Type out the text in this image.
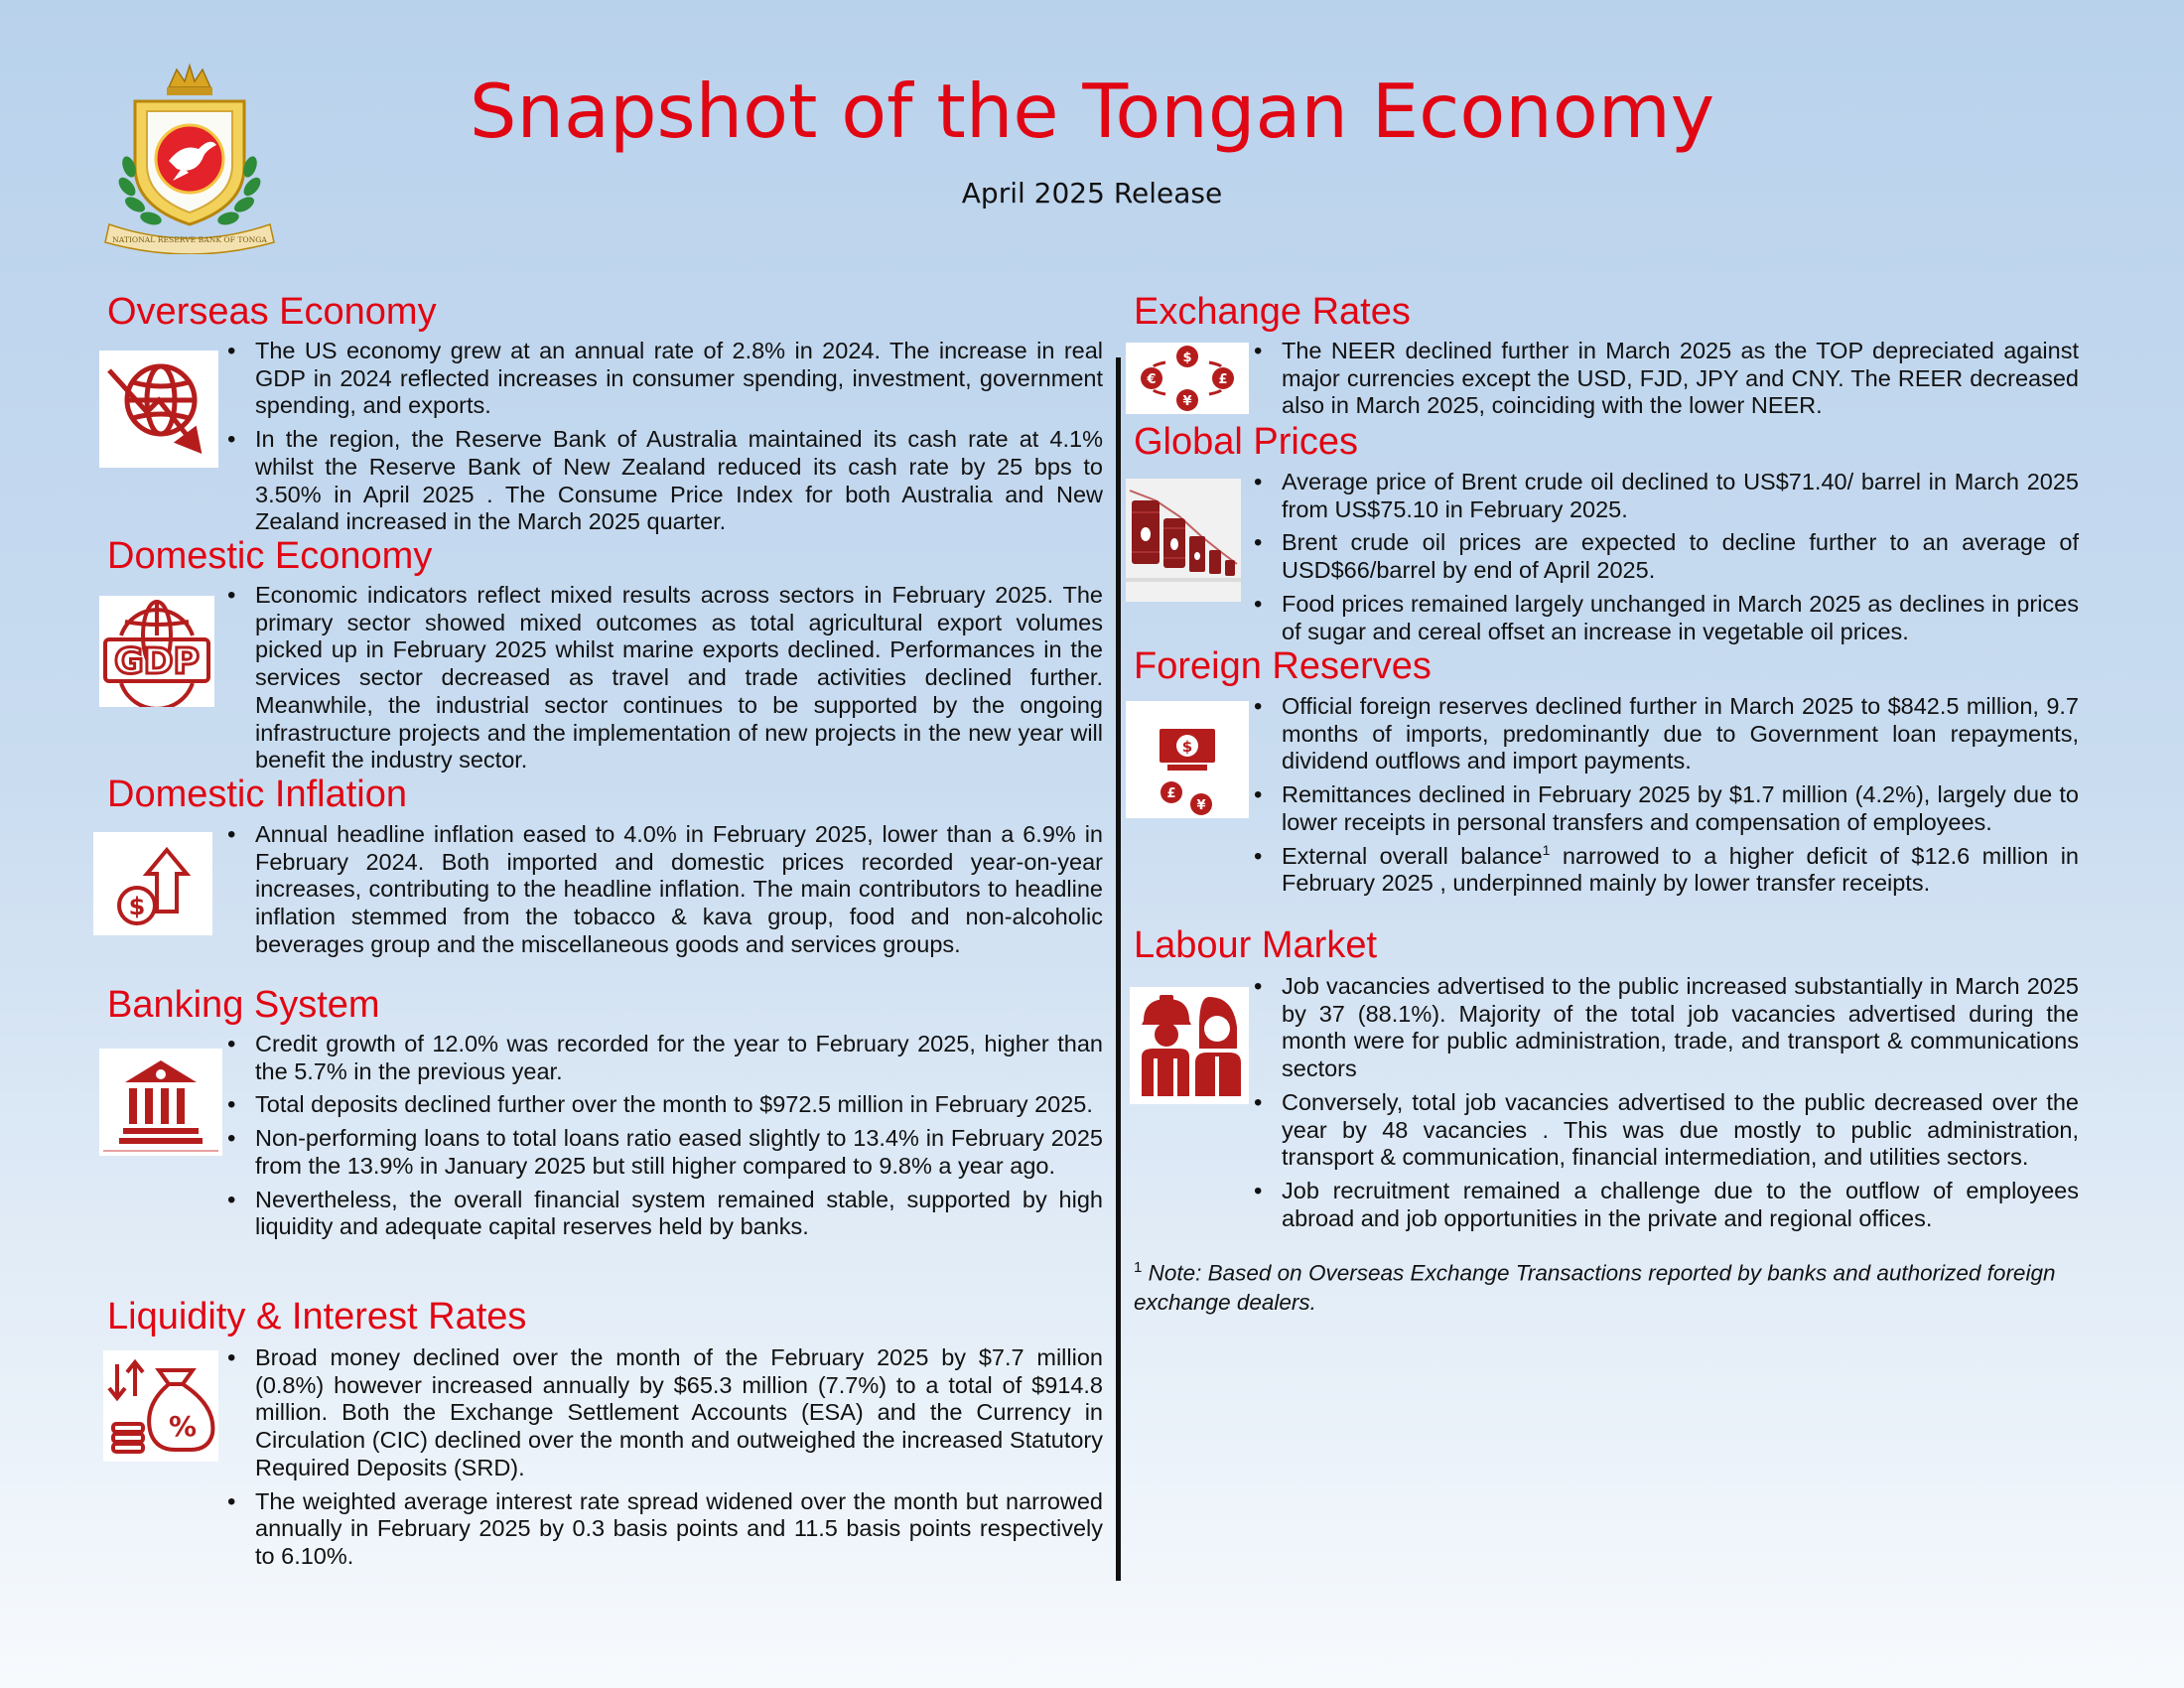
NATIONAL RESERVE BANK OF TONGA
Snapshot of the Tongan Economy
April 2025 Release
Overseas Economy
• The US economy grew at an annual rate of 2.8% in 2024. The increase in real GDP in 2024 reflected increases in consumer spending, investment, government spending, and exports.
• In the region, the Reserve Bank of Australia maintained its cash rate at 4.1% whilst the Reserve Bank of New Zealand reduced its cash rate by 25 bps to 3.50% in April 2025 . The Consume Price Index for both Australia and New Zealand increased in the March 2025 quarter.
Domestic Economy
GDP
• Economic indicators reflect mixed results across sectors in February 2025. The primary sector showed mixed outcomes as total agricultural export volumes picked up in February 2025 whilst marine exports declined. Performances in the services sector decreased as travel and trade activities declined further. Meanwhile, the industrial sector continues to be supported by the ongoing infrastructure projects and the implementation of new projects in the new year will benefit the industry sector.
Domestic Inflation
$
• Annual headline inflation eased to 4.0% in February 2025, lower than a 6.9% in February 2024. Both imported and domestic prices recorded year-on-year increases, contributing to the headline inflation. The main contributors to headline inflation stemmed from the tobacco & kava group, food and non-alcoholic beverages group and the miscellaneous goods and services groups.
Banking System
• Credit growth of 12.0% was recorded for the year to February 2025, higher than the 5.7% in the previous year.
• Total deposits declined further over the month to $972.5 million in February 2025.
• Non-performing loans to total loans ratio eased slightly to 13.4% in February 2025 from the 13.9% in January 2025 but still higher compared to 9.8% a year ago.
• Nevertheless, the overall financial system remained stable, supported by high liquidity and adequate capital reserves held by banks.
Liquidity & Interest Rates
%
• Broad money declined over the month of the February 2025 by $7.7 million (0.8%) however increased annually by $65.3 million (7.7%) to a total of $914.8 million. Both the Exchange Settlement Accounts (ESA) and the Currency in Circulation (CIC) declined over the month and outweighed the increased Statutory Required Deposits (SRD).
• The weighted average interest rate spread widened over the month but narrowed annually in February 2025 by 0.3 basis points and 11.5 basis points respectively to 6.10%.
Exchange Rates
$
€	£
¥
• The NEER declined further in March 2025 as the TOP depreciated against major currencies except the USD, FJD, JPY and CNY. The REER decreased also in March 2025, coinciding with the lower NEER.
Global Prices
• Average price of Brent crude oil declined to US$71.40/ barrel in March 2025 from US$75.10 in February 2025.
• Brent crude oil prices are expected to decline further to an average of USD$66/barrel by end of April 2025.
• Food prices remained largely unchanged in March 2025 as declines in prices of sugar and cereal offset an increase in vegetable oil prices.
Foreign Reserves
$
£
¥
• Official foreign reserves declined further in March 2025 to $842.5 million, 9.7 months of imports, predominantly due to Government loan repayments, dividend outflows and import payments.
• Remittances declined in February 2025 by $1.7 million (4.2%), largely due to lower receipts in personal transfers and compensation of employees.
• External overall balance$^1$ narrowed to a higher deficit of $12.6 million in February 2025 , underpinned mainly by lower transfer receipts.
Labour Market
• Job vacancies advertised to the public increased substantially in March 2025 by 37 (88.1%). Majority of the total job vacancies advertised during the month were for public administration, trade, and transport & communications sectors
• Conversely, total job vacancies advertised to the public decreased over the year by 48 vacancies . This was due mostly to public administration, transport & communication, financial intermediation, and utilities sectors.
• Job recruitment remained a challenge due to the outflow of employees abroad and job opportunities in the private and regional offices.
$^1$ Note: Based on Overseas Exchange Transactions reported by banks and authorized foreign exchange dealers.
